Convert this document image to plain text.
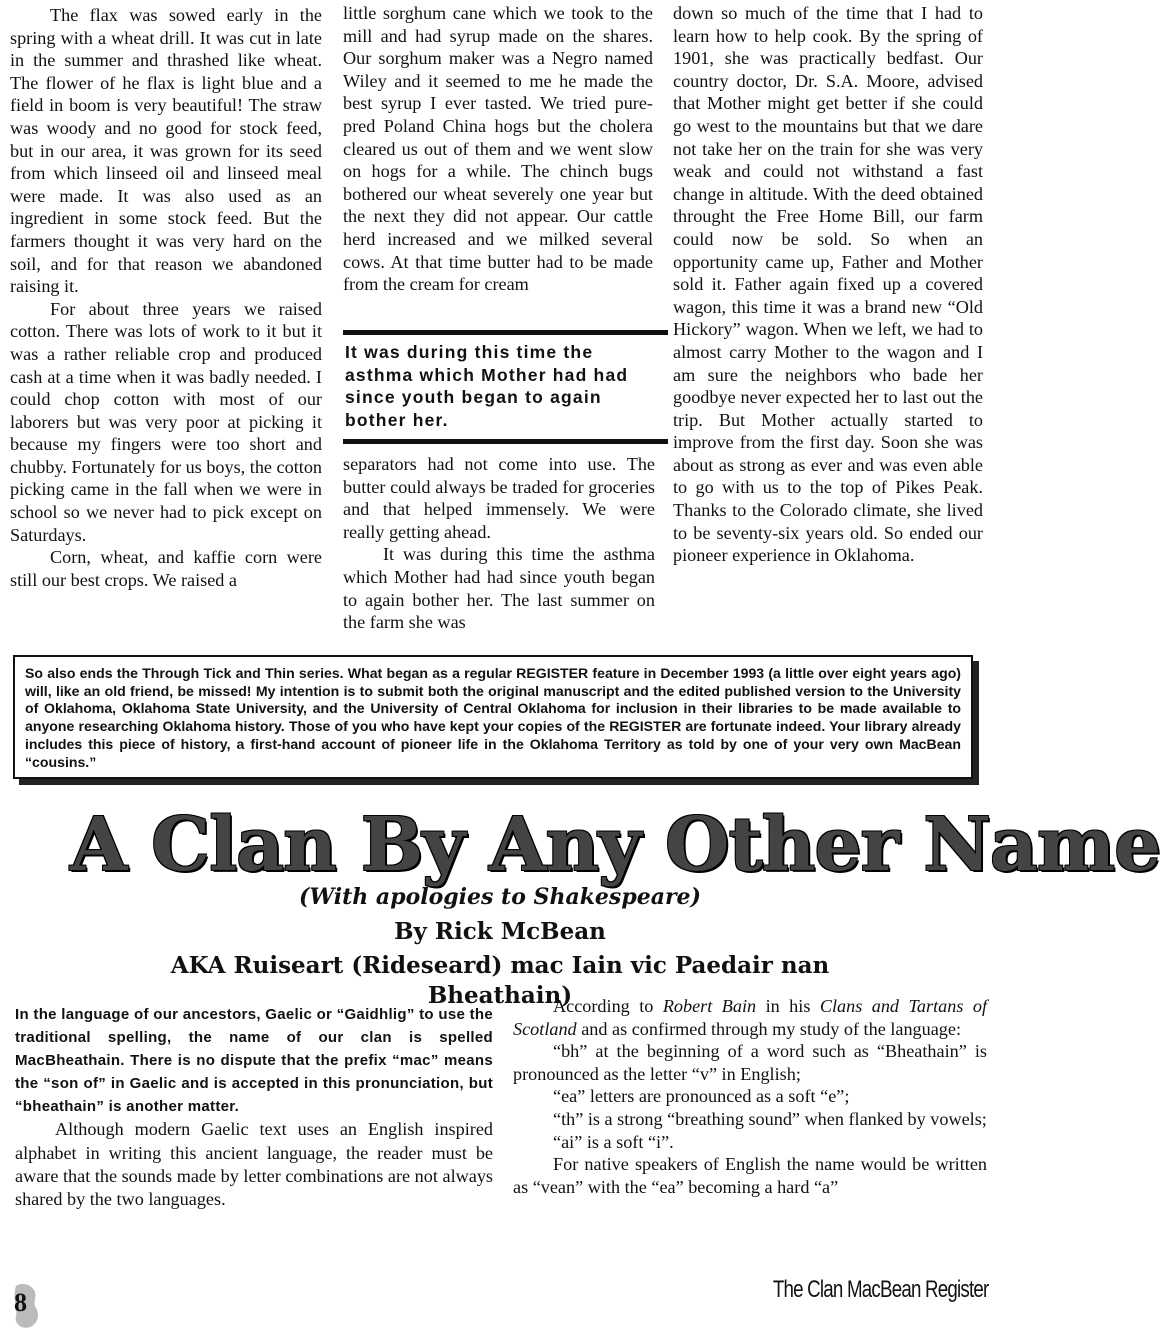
The flax was sowed early in the spring with a wheat drill. It was cut in late in the summer and thrashed like wheat. The flower of he flax is light blue and a field in boom is very beautiful! The straw was woody and no good for stock feed, but in our area, it was grown for its seed from which linseed oil and linseed meal were made. It was also used as an ingredient in some stock feed. But the farmers thought it was very hard on the soil, and for that reason we abandoned raising it.

For about three years we raised cotton. There was lots of work to it but it was a rather reliable crop and produced cash at a time when it was badly needed. I could chop cotton with most of our laborers but was very poor at picking it because my fingers were too short and chubby. Fortunately for us boys, the cotton picking came in the fall when we were in school so we never had to pick except on Saturdays.

Corn, wheat, and kaffie corn were still our best crops. We raised a

little sorghum cane which we took to the mill and had syrup made on the shares. Our sorghum maker was a Negro named Wiley and it seemed to me he made the best syrup I ever tasted. We tried pure-pred Poland China hogs but the cholera cleared us out of them and we went slow on hogs for a while. The chinch bugs bothered our wheat severely one year but the next they did not appear. Our cattle herd increased and we milked several cows. At that time butter had to be made from the cream for cream

It was during this time the asthma which Mother had had since youth began to again bother her.

separators had not come into use. The butter could always be traded for groceries and that helped immensely. We were really getting ahead.

It was during this time the asthma which Mother had had since youth began to again bother her. The last summer on the farm she was

down so much of the time that I had to learn how to help cook. By the spring of 1901, she was practically bedfast. Our country doctor, Dr. S.A. Moore, advised that Mother might get better if she could go west to the mountains but that we dare not take her on the train for she was very weak and could not withstand a fast change in altitude. With the deed obtained throught the Free Home Bill, our farm could now be sold. So when an opportunity came up, Father and Mother sold it. Father again fixed up a covered wagon, this time it was a brand new “Old Hickory” wagon. When we left, we had to almost carry Mother to the wagon and I am sure the neighbors who bade her goodbye never expected her to last out the trip. But Mother actually started to improve from the first day. Soon she was about as strong as ever and was even able to go with us to the top of Pikes Peak. Thanks to the Colorado climate, she lived to be seventy-six years old. So ended our pioneer experience in Oklahoma.

So also ends the Through Tick and Thin series. What began as a regular REGISTER feature in December 1993 (a little over eight years ago) will, like an old friend, be missed! My intention is to submit both the original manuscript and the edited published version to the University of Oklahoma, Oklahoma State University, and the University of Central Oklahoma for inclusion in their libraries to be made available to anyone researching Oklahoma history. Those of you who have kept your copies of the REGISTER are fortunate indeed. Your library already includes this piece of history, a first-hand account of pioneer life in the Oklahoma Territory as told by one of your very own MacBean “cousins.”
A Clan By Any Other Name
(With apologies to Shakespeare)
By Rick McBean
AKA Ruiseart (Rideseard) mac Iain vic Paedair nan Bheathain)

In the language of our ancestors, Gaelic or “Gaidhlig” to use the traditional spelling, the name of our clan is spelled MacBheathain. There is no dispute that the prefix “mac” means the “son of” in Gaelic and is accepted in this pronunciation, but “bheathain” is another matter.

Although modern Gaelic text uses an English inspired alphabet in writing this ancient language, the reader must be aware that the sounds made by letter combinations are not always shared by the two languages.

According to Robert Bain in his Clans and Tartans of Scotland and as confirmed through my study of the language:

“bh” at the beginning of a word such as “Bheathain” is pronounced as the letter “v” in English;

“ea” letters are pronounced as a soft “e”;

“th” is a strong “breathing sound” when flanked by vowels;

“ai” is a soft “i”.

For native speakers of English the name would be written as “vean” with the “ea” becoming a hard “a”

8	The Clan MacBean Register
